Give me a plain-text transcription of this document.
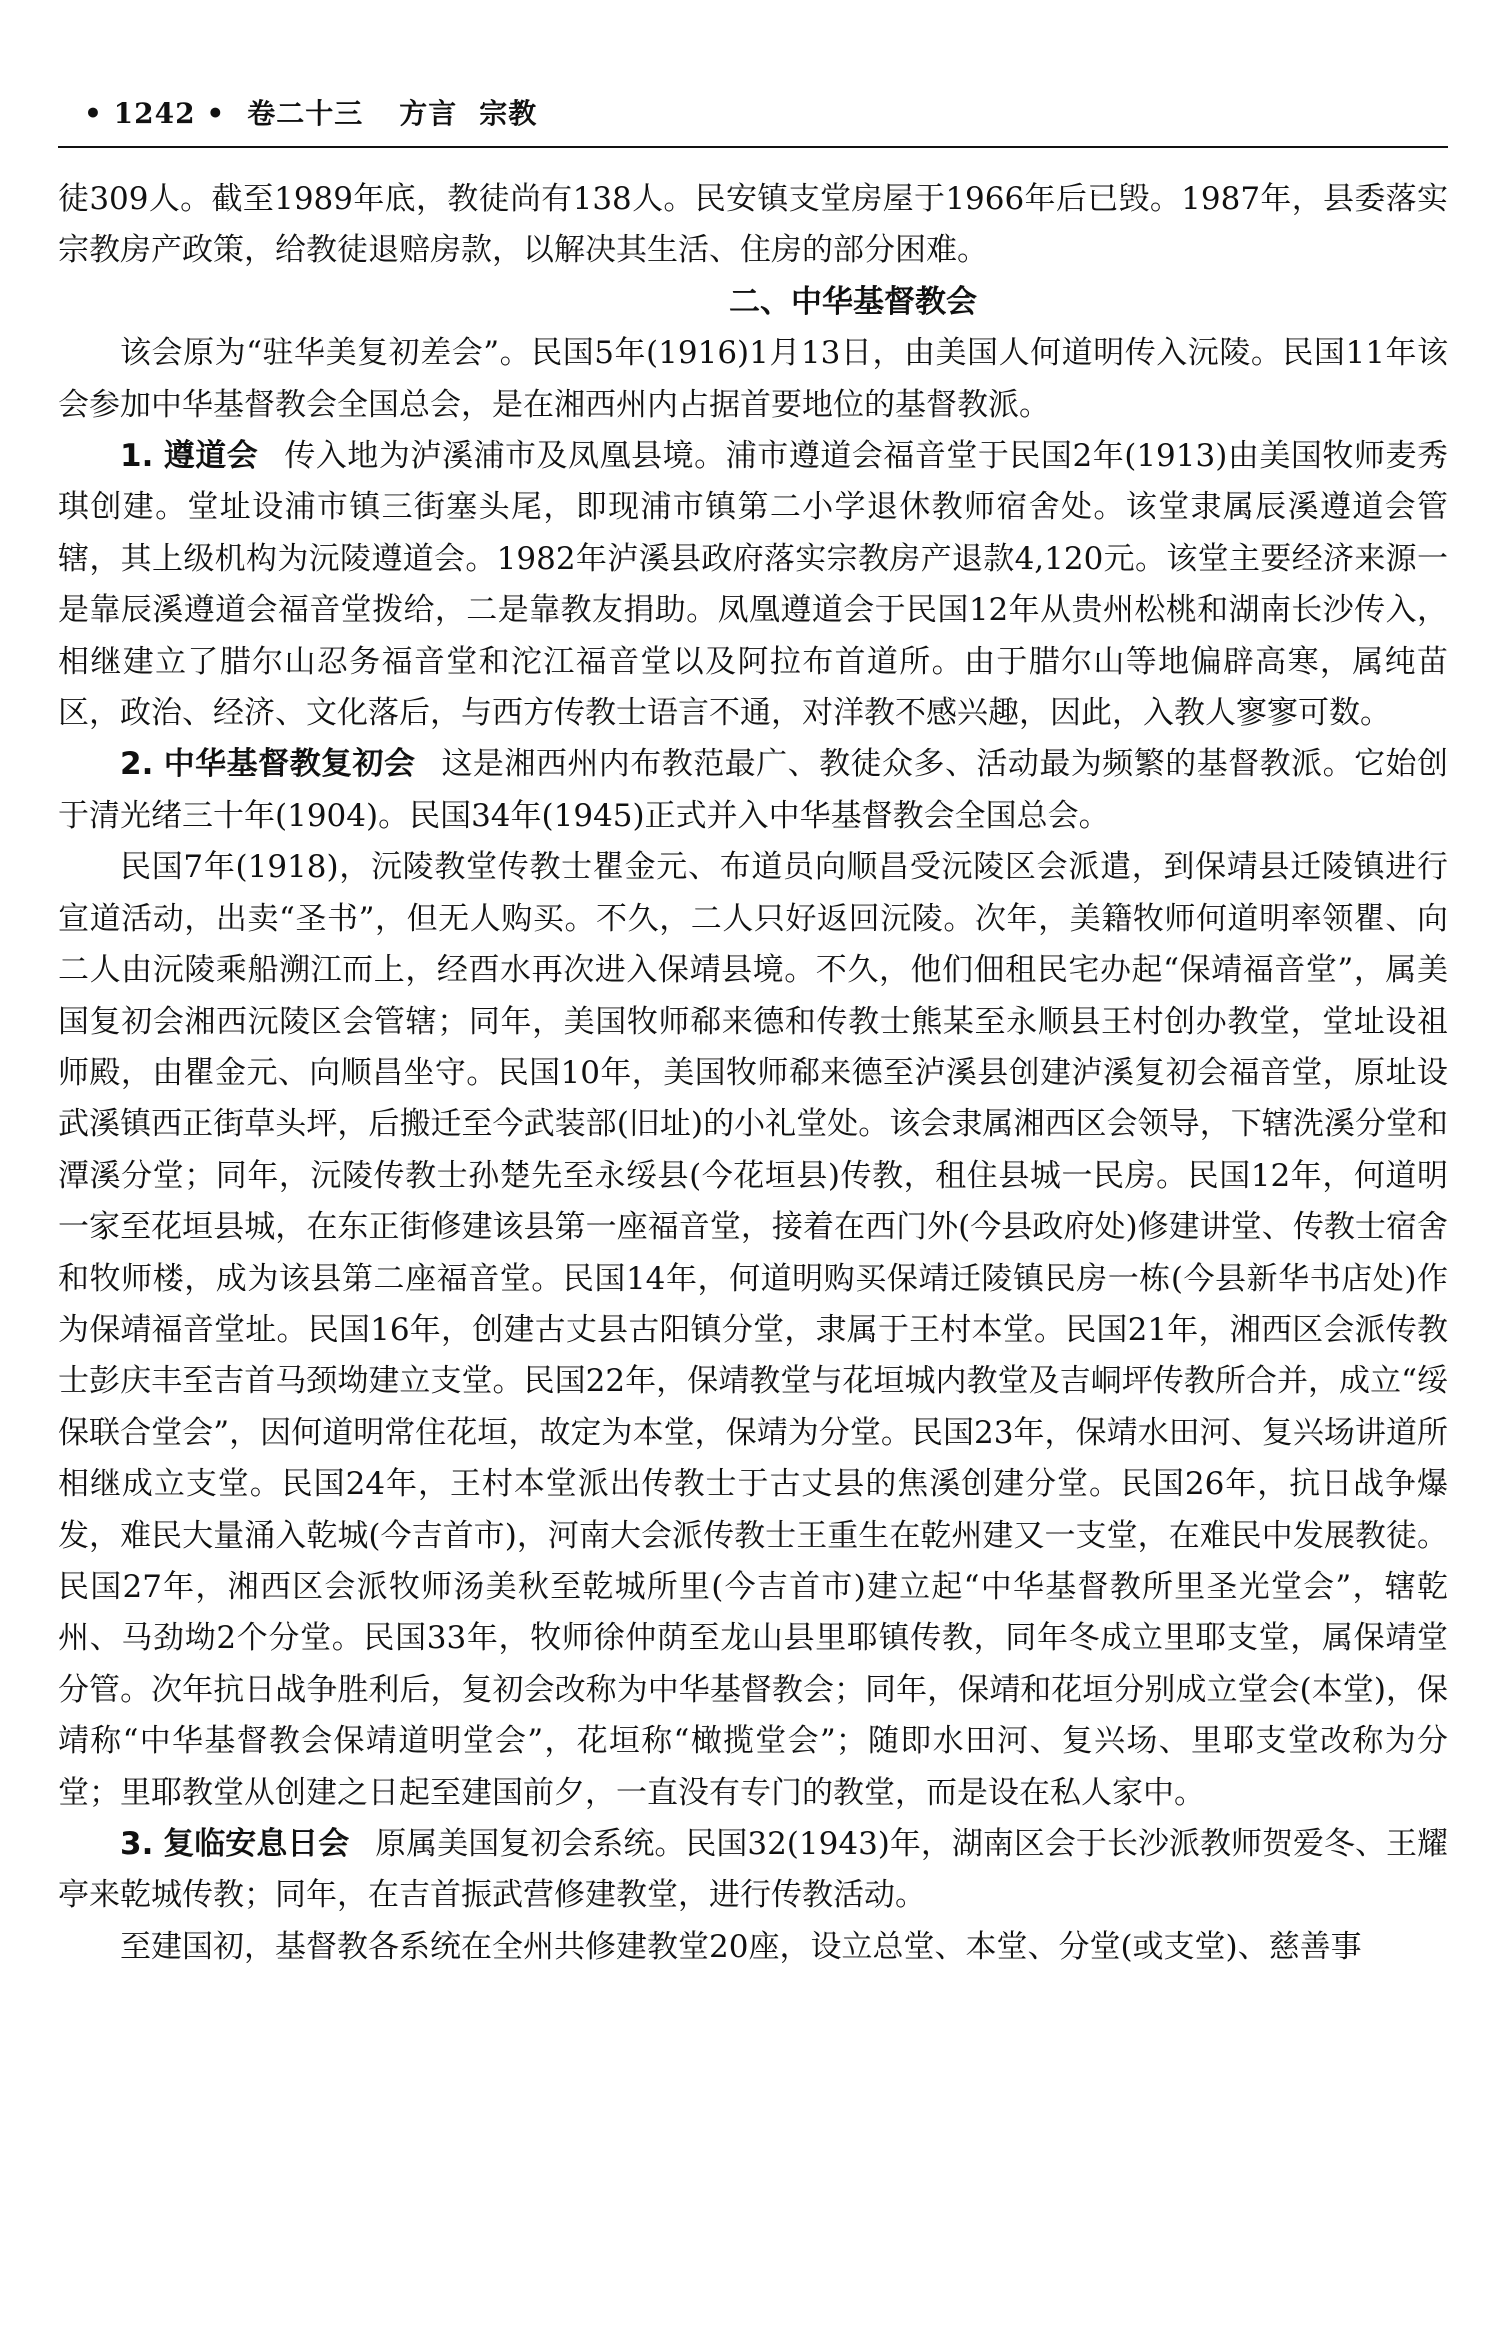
• 1242 • 卷二十三 方言 宗教

徒309人。截至1989年底，教徒尚有138人。民安镇支堂房屋于1966年后已毁。1987年，县委落实宗教房产政策，给教徒退赔房款，以解决其生活、住房的部分困难。

二、中华基督教会

该会原为“驻华美复初差会”。民国5年(1916)1月13日，由美国人何道明传入沅陵。民国11年该会参加中华基督教会全国总会，是在湘西州内占据首要地位的基督教派。

1. 遵道会 传入地为泸溪浦市及凤凰县境。浦市遵道会福音堂于民国2年(1913)由美国牧师麦秀琪创建。堂址设浦市镇三街塞头尾，即现浦市镇第二小学退休教师宿舍处。该堂隶属辰溪遵道会管辖，其上级机构为沅陵遵道会。1982年泸溪县政府落实宗教房产退款4,120元。该堂主要经济来源一是靠辰溪遵道会福音堂拨给，二是靠教友捐助。凤凰遵道会于民国12年从贵州松桃和湖南长沙传入，相继建立了腊尔山忍务福音堂和沱江福音堂以及阿拉布首道所。由于腊尔山等地偏辟高寒，属纯苗区，政治、经济、文化落后，与西方传教士语言不通，对洋教不感兴趣，因此，入教人寥寥可数。

2. 中华基督教复初会 这是湘西州内布教范最广、教徒众多、活动最为频繁的基督教派。它始创于清光绪三十年(1904)。民国34年(1945)正式并入中华基督教会全国总会。

民国7年(1918)，沅陵教堂传教士瞿金元、布道员向顺昌受沅陵区会派遣，到保靖县迁陵镇进行宣道活动，出卖“圣书”，但无人购买。不久，二人只好返回沅陵。次年，美籍牧师何道明率领瞿、向二人由沅陵乘船溯江而上，经酉水再次进入保靖县境。不久，他们佃租民宅办起“保靖福音堂”，属美国复初会湘西沅陵区会管辖；同年，美国牧师郗来德和传教士熊某至永顺县王村创办教堂，堂址设祖师殿，由瞿金元、向顺昌坐守。民国10年，美国牧师郗来德至泸溪县创建泸溪复初会福音堂，原址设武溪镇西正街草头坪，后搬迁至今武装部(旧址)的小礼堂处。该会隶属湘西区会领导，下辖洗溪分堂和潭溪分堂；同年，沅陵传教士孙楚先至永绥县(今花垣县)传教，租住县城一民房。民国12年，何道明一家至花垣县城，在东正街修建该县第一座福音堂，接着在西门外(今县政府处)修建讲堂、传教士宿舍和牧师楼，成为该县第二座福音堂。民国14年，何道明购买保靖迁陵镇民房一栋(今县新华书店处)作为保靖福音堂址。民国16年，创建古丈县古阳镇分堂，隶属于王村本堂。民国21年，湘西区会派传教士彭庆丰至吉首马颈坳建立支堂。民国22年，保靖教堂与花垣城内教堂及吉峒坪传教所合并，成立“绥保联合堂会”，因何道明常住花垣，故定为本堂，保靖为分堂。民国23年，保靖水田河、复兴场讲道所相继成立支堂。民国24年，王村本堂派出传教士于古丈县的焦溪创建分堂。民国26年，抗日战争爆发，难民大量涌入乾城(今吉首市)，河南大会派传教士王重生在乾州建又一支堂，在难民中发展教徒。民国27年，湘西区会派牧师汤美秋至乾城所里(今吉首市)建立起“中华基督教所里圣光堂会”，辖乾州、马劲坳2个分堂。民国33年，牧师徐仲荫至龙山县里耶镇传教，同年冬成立里耶支堂，属保靖堂分管。次年抗日战争胜利后，复初会改称为中华基督教会；同年，保靖和花垣分别成立堂会(本堂)，保靖称“中华基督教会保靖道明堂会”，花垣称“橄揽堂会”；随即水田河、复兴场、里耶支堂改称为分堂；里耶教堂从创建之日起至建国前夕，一直没有专门的教堂，而是设在私人家中。

3. 复临安息日会 原属美国复初会系统。民国32(1943)年，湖南区会于长沙派教师贺爱冬、王耀亭来乾城传教；同年，在吉首振武营修建教堂，进行传教活动。

至建国初，基督教各系统在全州共修建教堂20座，设立总堂、本堂、分堂(或支堂)、慈善事
